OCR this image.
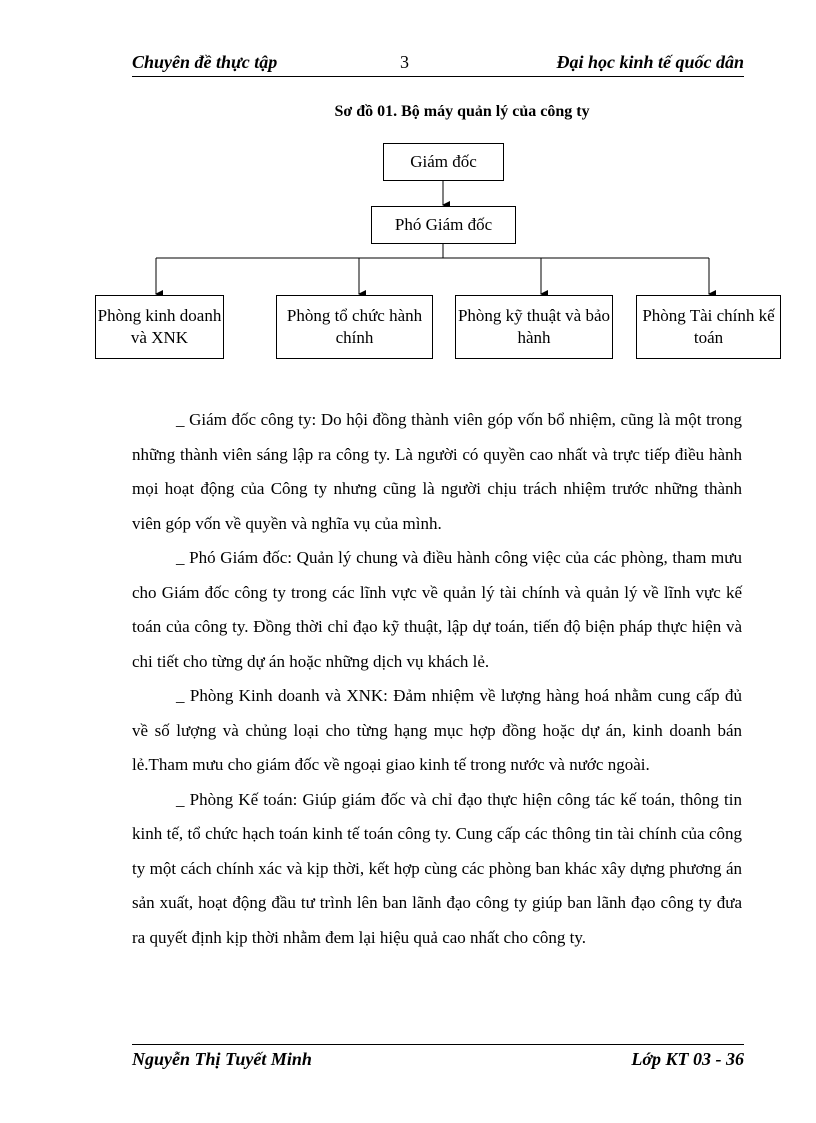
Chuyên đề thực tập	3	Đại học kinh tế quốc dân
Sơ đồ 01. Bộ máy quản lý của công ty
Giám đốc
Phó Giám đốc
Phòng kinh doanh và XNK
Phòng tổ chức hành chính
Phòng kỹ thuật và bảo hành
Phòng Tài chính kế toán

_ Giám đốc công ty: Do hội đồng thành viên góp vốn bổ nhiệm, cũng là một trong những thành viên sáng lập ra công ty. Là người có quyền cao nhất và trực tiếp điều hành mọi hoạt động của Công ty nhưng cũng là người chịu trách nhiệm trước những thành viên góp vốn về quyền và nghĩa vụ của mình.

_ Phó Giám đốc: Quản lý chung và điều hành công việc của các phòng, tham mưu cho Giám đốc công ty trong các lĩnh vực về quản lý tài chính và quản lý về lĩnh vực kế toán của công ty. Đồng thời chỉ đạo kỹ thuật, lập dự toán, tiến độ biện pháp thực hiện và chi tiết cho từng dự án hoặc những dịch vụ khách lẻ.

_ Phòng Kinh doanh và XNK: Đảm nhiệm về lượng hàng hoá nhằm cung cấp đủ về số lượng và chủng loại cho từng hạng mục hợp đồng hoặc dự án, kinh doanh bán lẻ.Tham mưu cho giám đốc về ngoại giao kinh tế trong nước và nước ngoài.

_ Phòng Kế toán: Giúp giám đốc và chỉ đạo thực hiện công tác kế toán, thông tin kinh tế, tổ chức hạch toán kinh tế toán công ty. Cung cấp các thông tin tài chính của công ty một cách chính xác và kịp thời, kết hợp cùng các phòng ban khác xây dựng phương án sản xuất, hoạt động đầu tư trình lên ban lãnh đạo công ty giúp ban lãnh đạo công ty đưa ra quyết định kịp thời nhằm đem lại hiệu quả cao nhất cho công ty.

Nguyễn Thị Tuyết Minh	Lớp KT 03 - 36
